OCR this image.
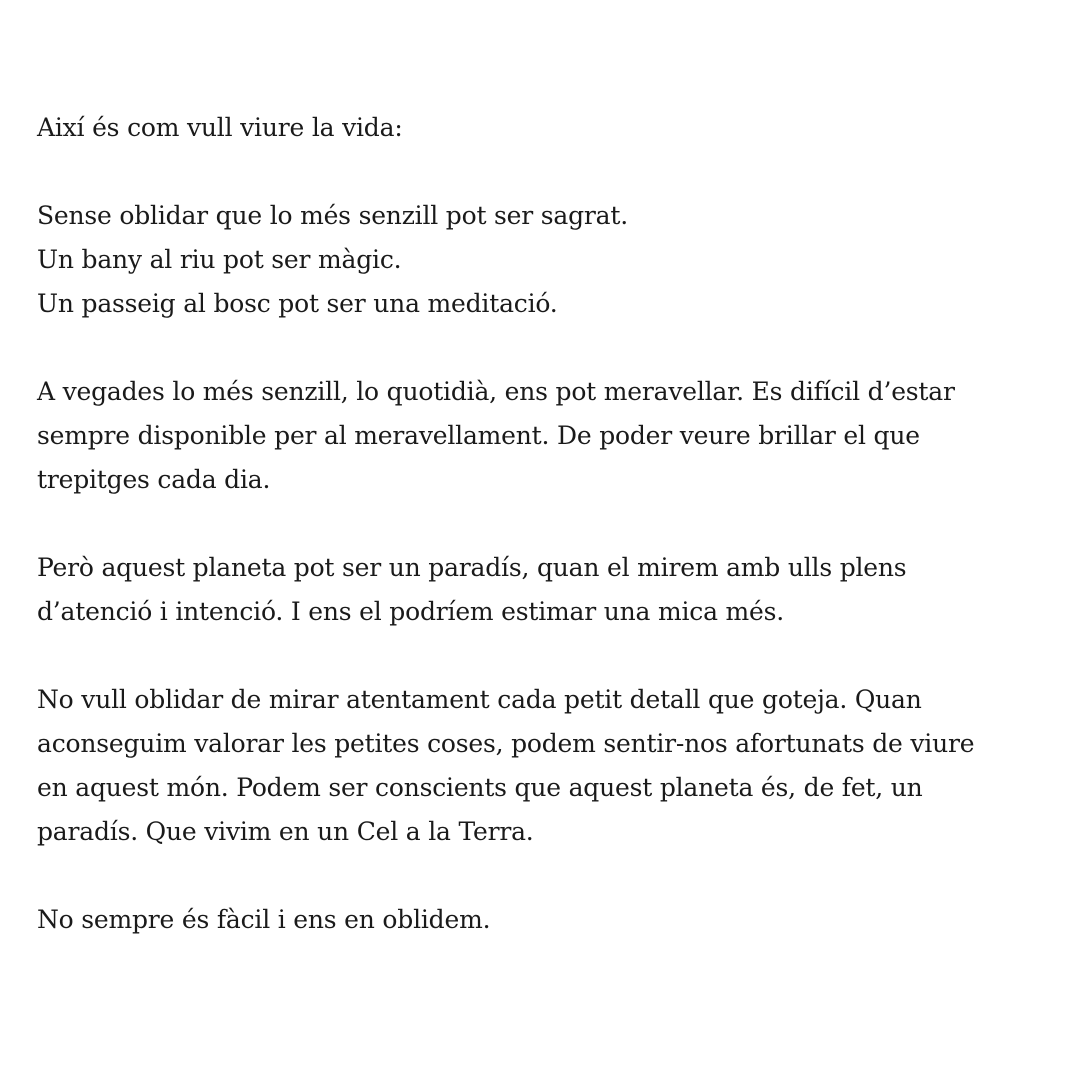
Així és com vull viure la vida:

Sense oblidar que lo més senzill pot ser sagrat.
Un bany al riu pot ser màgic.
Un passeig al bosc pot ser una meditació.

A vegades lo més senzill, lo quotidià, ens pot meravellar. Es difícil d’estar
sempre disponible per al meravellament. De poder veure brillar el que
trepitges cada dia.

Però aquest planeta pot ser un paradís, quan el mirem amb ulls plens
d’atenció i intenció. I ens el podríem estimar una mica més.

No vull oblidar de mirar atentament cada petit detall que goteja. Quan
aconseguim valorar les petites coses, podem sentir-nos afortunats de viure
en aquest món. Podem ser conscients que aquest planeta és, de fet, un
paradís. Que vivim en un Cel a la Terra.

No sempre és fàcil i ens en oblidem.
